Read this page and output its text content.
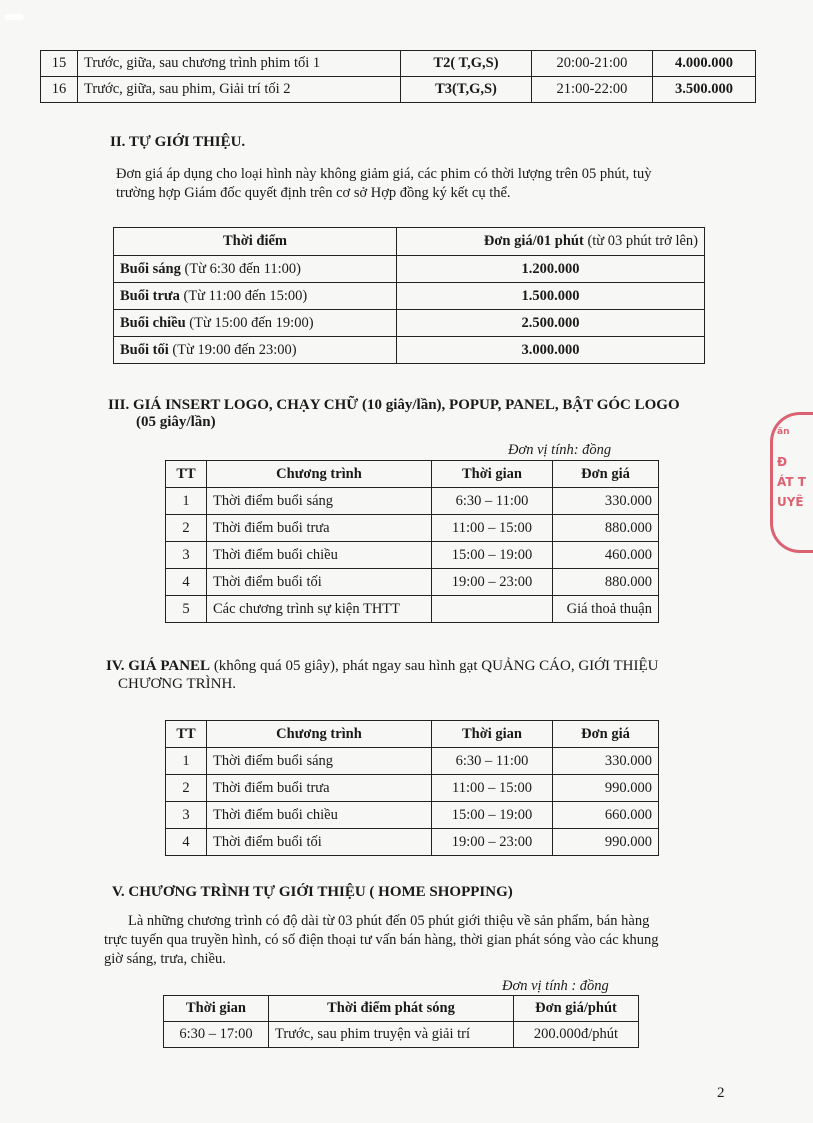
15	Trước, giữa, sau chương trình phim tối 1	T2( T,G,S)	20:00-21:00	4.000.000
16	Trước, giữa, sau phim, Giải trí tối 2	T3(T,G,S)	21:00-22:00	3.500.000
II. TỰ GIỚI THIỆU.
Đơn giá áp dụng cho loại hình này không giảm giá, các phim có thời lượng trên 05 phút, tuỳ
trường hợp Giám đốc quyết định trên cơ sở Hợp đồng ký kết cụ thể.
Thời điểm	Đơn giá/01 phút (từ 03 phút trở lên)
Buổi sáng (Từ 6:30 đến 11:00)	1.200.000
Buổi trưa (Từ 11:00 đến 15:00)	1.500.000
Buổi chiều (Từ 15:00 đến 19:00)	2.500.000
Buổi tối (Từ 19:00 đến 23:00)	3.000.000
III. GIÁ INSERT LOGO, CHẠY CHỮ (10 giây/lần), POPUP, PANEL, BẬT GÓC LOGO
(05 giây/lần)
Đơn vị tính: đồng
TT	Chương trình	Thời gian	Đơn giá
1	Thời điểm buổi sáng	6:30 – 11:00	330.000
2	Thời điểm buổi trưa	11:00 – 15:00	880.000
3	Thời điểm buổi chiều	15:00 – 19:00	460.000
4	Thời điểm buổi tối	19:00 – 23:00	880.000
5	Các chương trình sự kiện THTT		Giá thoả thuận
IV. GIÁ PANEL (không quá 05 giây), phát ngay sau hình gạt QUẢNG CÁO, GIỚI THIỆU
CHƯƠNG TRÌNH.
TT	Chương trình	Thời gian	Đơn giá
1	Thời điểm buổi sáng	6:30 – 11:00	330.000
2	Thời điểm buổi trưa	11:00 – 15:00	990.000
3	Thời điểm buổi chiều	15:00 – 19:00	660.000
4	Thời điểm buổi tối	19:00 – 23:00	990.000
V. CHƯƠNG TRÌNH TỰ GIỚI THIỆU ( HOME SHOPPING)
Là những chương trình có độ dài từ 03 phút đến 05 phút giới thiệu về sản phẩm, bán hàng
trực tuyến qua truyền hình, có số điện thoại tư vấn bán hàng, thời gian phát sóng vào các khung
giờ sáng, trưa, chiều.
Đơn vị tính : đồng
Thời gian	Thời điểm phát sóng	Đơn giá/phút
6:30 – 17:00	Trước, sau phim truyện và giải trí	200.000đ/phút
ăn
Đ
ÁT T
UYÊ
2
